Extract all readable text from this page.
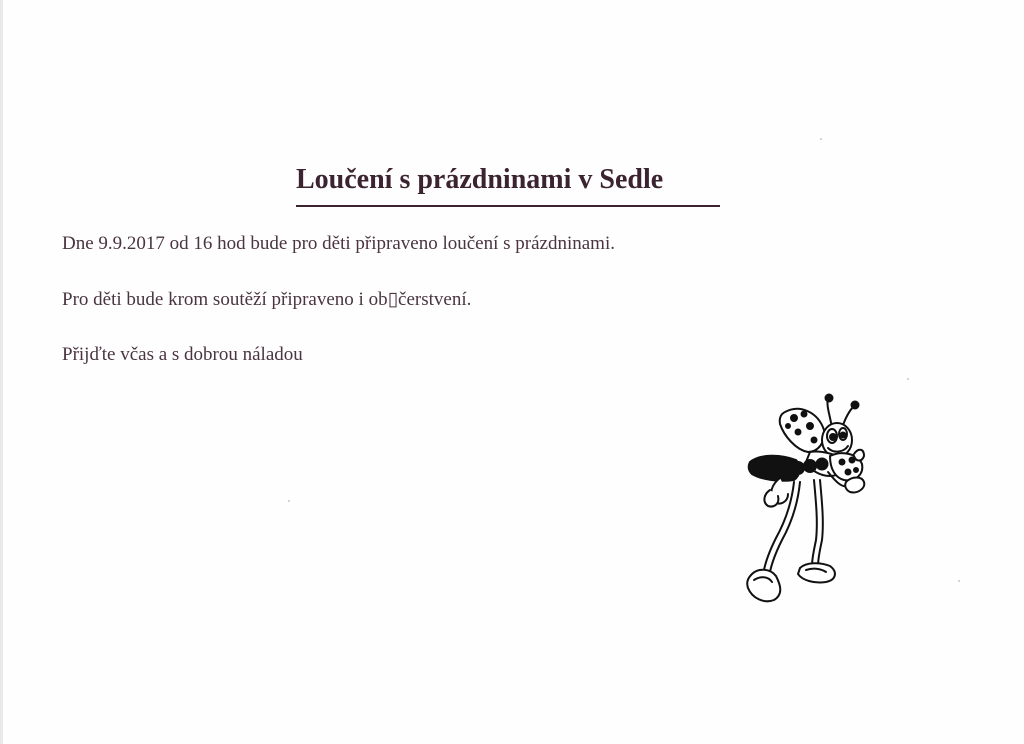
Loučení s prázdninami v Sedle

Dne 9.9.2017 od 16 hod bude pro děti připraveno loučení s prázdninami.

Pro děti bude krom soutěží připraveno i ob▯čerstvení.

Přijďte včas a s dobrou náladou
